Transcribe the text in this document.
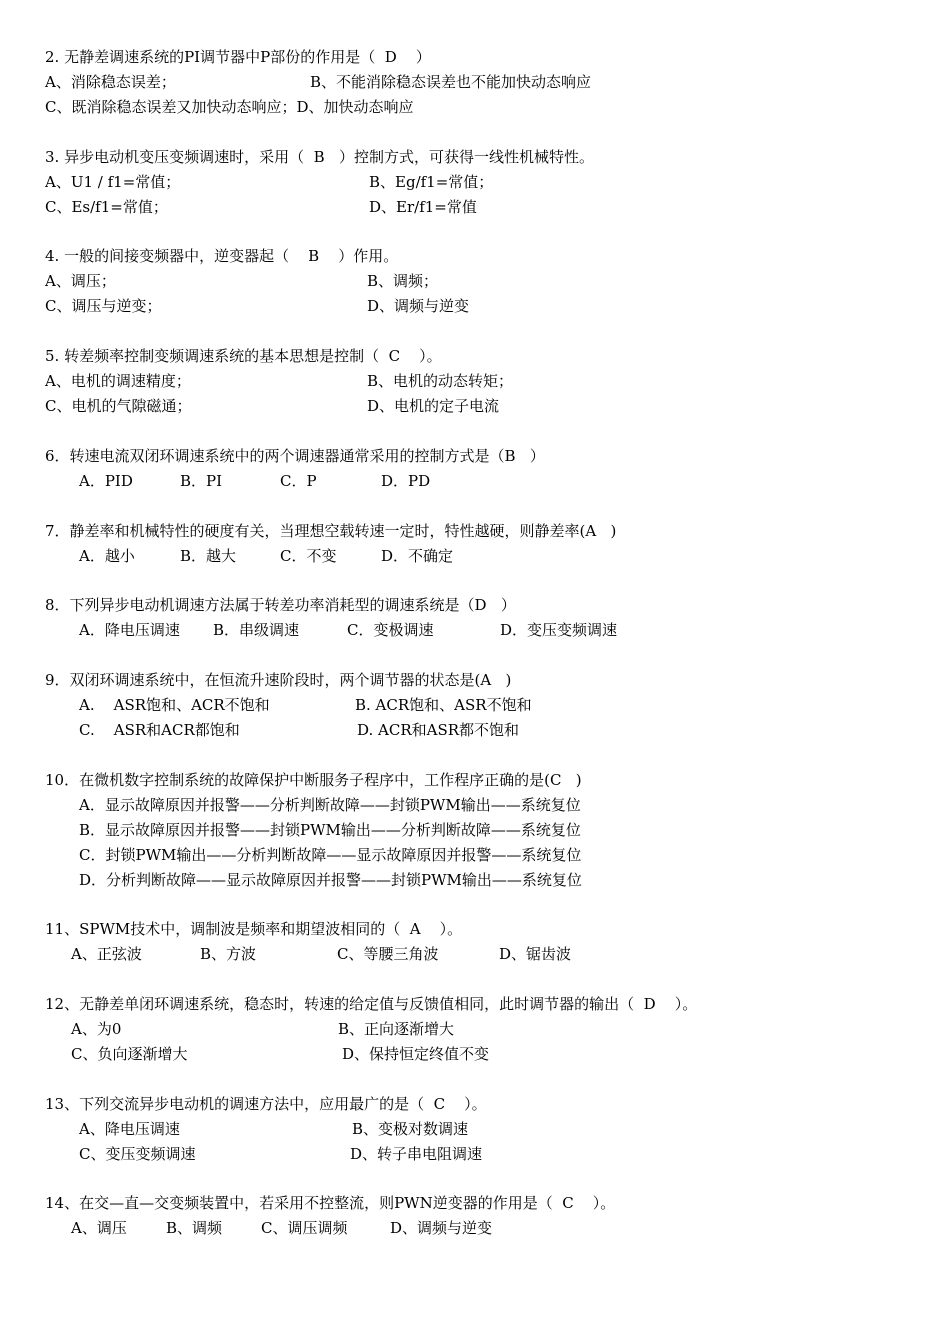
2. 无静差调速系统的PI调节器中P部份的作用是（  D    ）
A、消除稳态误差；	B、不能消除稳态误差也不能加快动态响应
C、既消除稳态误差又加快动态响应；D、加快动态响应
3. 异步电动机变压变频调速时，采用（  B   ）控制方式，可获得一线性机械特性。
A、U1 / f1=常值；	B、Eg/f1=常值；
C、Es/f1=常值；	D、Er/f1=常值
4. 一般的间接变频器中，逆变器起（    B    ）作用。
A、调压；	B、调频；
C、调压与逆变；	D、调频与逆变
5. 转差频率控制变频调速系统的基本思想是控制（  C    ）。
A、电机的调速精度；	B、电机的动态转矩；
C、电机的气隙磁通；	D、电机的定子电流
6．转速电流双闭环调速系统中的两个调速器通常采用的控制方式是（B   ）
A．PID	B．PI	C．P	D．PD
7．静差率和机械特性的硬度有关，当理想空载转速一定时，特性越硬，则静差率(A   )
A．越小	B．越大	C．不变	D．不确定
8．下列异步电动机调速方法属于转差功率消耗型的调速系统是（D   ）
A．降电压调速 B．串级调速	C．变极调速	D．变压变频调速
9．双闭环调速系统中，在恒流升速阶段时，两个调节器的状态是(A   )
A.    ASR饱和、ACR不饱和	B. ACR饱和、ASR不饱和
C.    ASR和ACR都饱和	D. ACR和ASR都不饱和
10．在微机数字控制系统的故障保护中断服务子程序中，工作程序正确的是(C   )
A．显示故障原因并报警——分析判断故障——封锁PWM输出——系统复位
B．显示故障原因并报警——封锁PWM输出——分析判断故障——系统复位
C．封锁PWM输出——分析判断故障——显示故障原因并报警——系统复位
D．分析判断故障——显示故障原因并报警——封锁PWM输出——系统复位
11、SPWM技术中，调制波是频率和期望波相同的（  A    ）。
A、正弦波	B、方波	C、等腰三角波	D、锯齿波
12、无静差单闭环调速系统，稳态时，转速的给定值与反馈值相同，此时调节器的输出（  D    ）。
A、为0	B、正向逐渐增大
C、负向逐渐增大	D、保持恒定终值不变
13、下列交流异步电动机的调速方法中，应用最广的是（  C    ）。
A、降电压调速	B、变极对数调速
C、变压变频调速	D、转子串电阻调速
14、在交—直—交变频装置中，若采用不控整流，则PWN逆变器的作用是（  C    ）。
A、调压	B、调频	C、调压调频	D、调频与逆变
